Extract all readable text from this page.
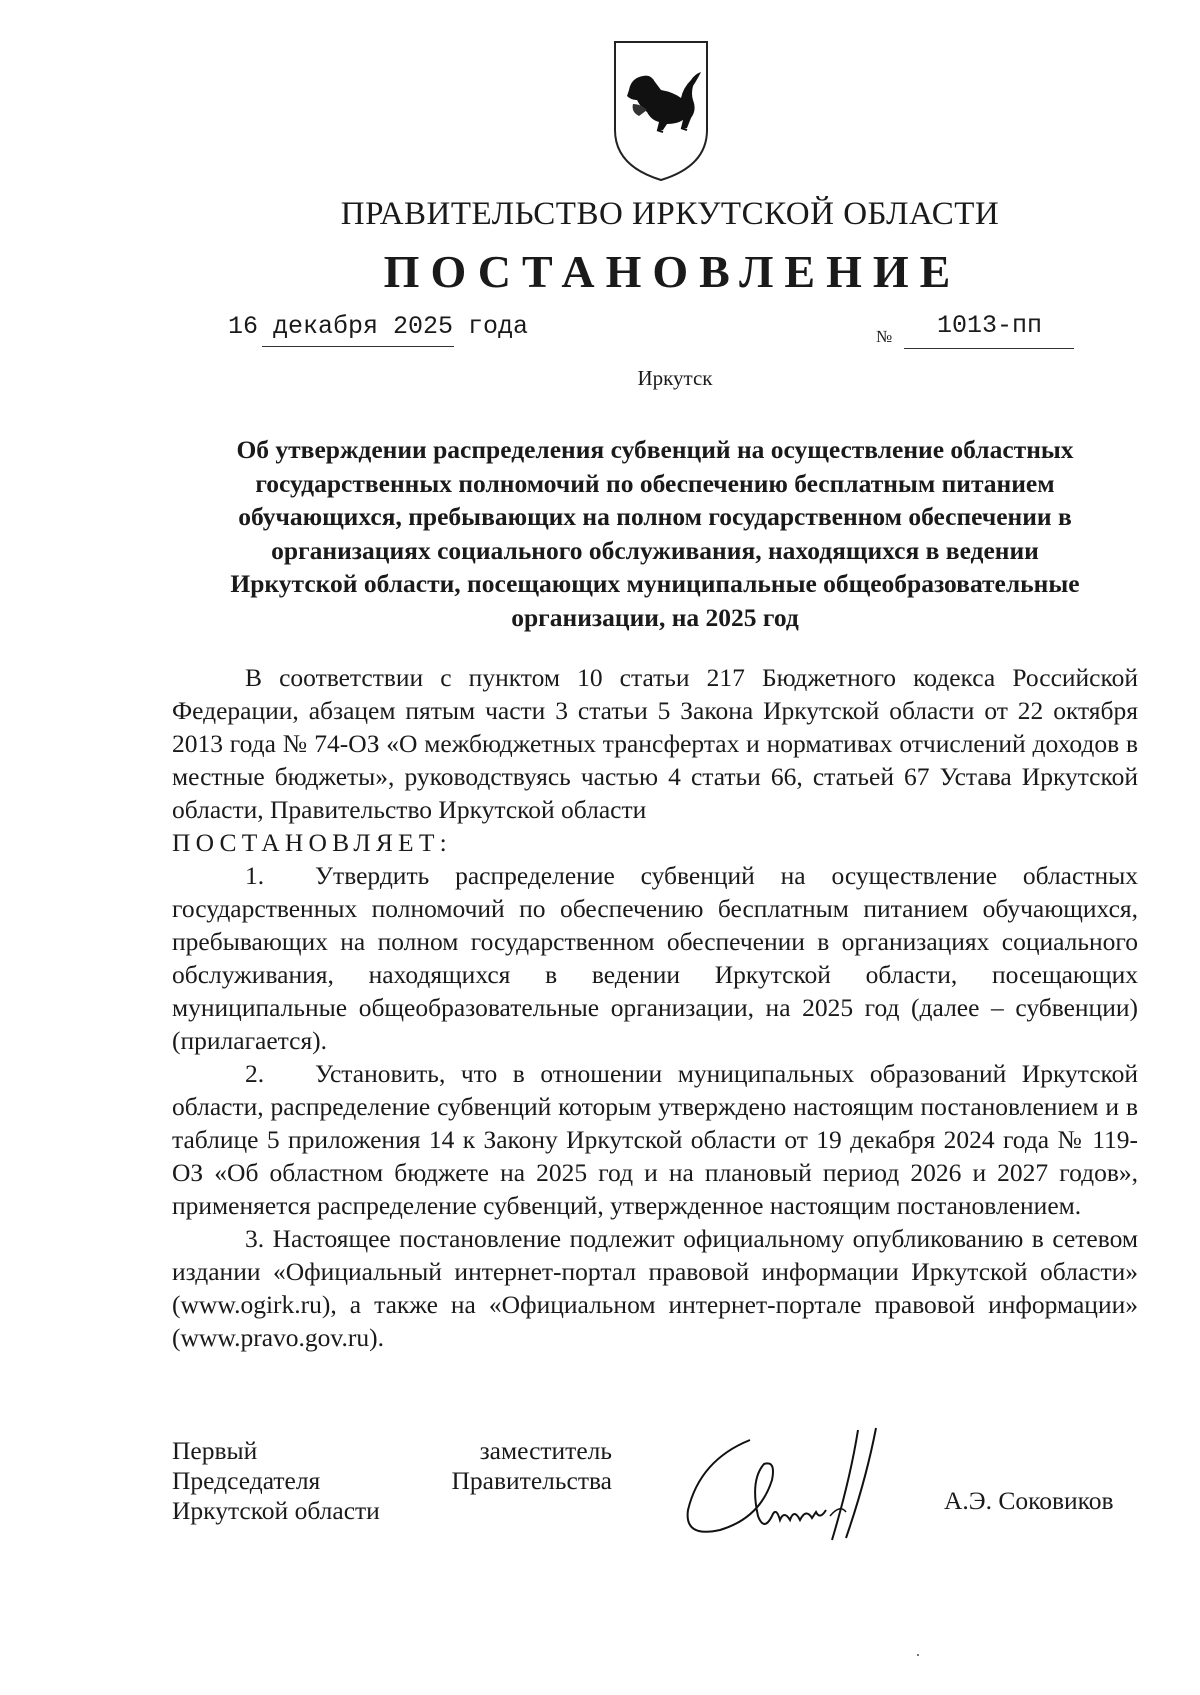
ПРАВИТЕЛЬСТВО ИРКУТСКОЙ ОБЛАСТИ
ПОСТАНОВЛЕНИЕ
16 декабря 2025 года	№ 1013-пп
Иркутск
Об утверждении распределения субвенций на осуществление областных
государственных полномочий по обеспечению бесплатным питанием
обучающихся, пребывающих на полном государственном обеспечении в
организациях социального обслуживания, находящихся в ведении
Иркутской области, посещающих муниципальные общеобразовательные
организации, на 2025 год

В соответствии с пунктом 10 статьи 217 Бюджетного кодекса Российской Федерации, абзацем пятым части 3 статьи 5 Закона Иркутской области от 22 октября 2013 года № 74-ОЗ «О межбюджетных трансфертах и нормативах отчислений доходов в местные бюджеты», руководствуясь частью 4 статьи 66, статьей 67 Устава Иркутской области, Правительство Иркутской области

ПОСТАНОВЛЯЕТ:

1. Утвердить распределение субвенций на осуществление областных государственных полномочий по обеспечению бесплатным питанием обучающихся, пребывающих на полном государственном обеспечении в организациях социального обслуживания, находящихся в ведении Иркутской области, посещающих муниципальные общеобразовательные организации, на 2025 год (далее – субвенции) (прилагается).

2. Установить, что в отношении муниципальных образований Иркутской области, распределение субвенций которым утверждено настоящим постановлением и в таблице 5 приложения 14 к Закону Иркутской области от 19 декабря 2024 года № 119-ОЗ «Об областном бюджете на 2025 год и на плановый период 2026 и 2027 годов», применяется распределение субвенций, утвержденное настоящим постановлением.

3. Настоящее постановление подлежит официальному опубликованию в сетевом издании «Официальный интернет-портал правовой информации Иркутской области» (www.ogirk.ru), а также на «Официальном интернет-портале правовой информации» (www.pravo.gov.ru).

Первый	заместитель
Председателя	Правительства
Иркутской области	А.Э. Соковиков
